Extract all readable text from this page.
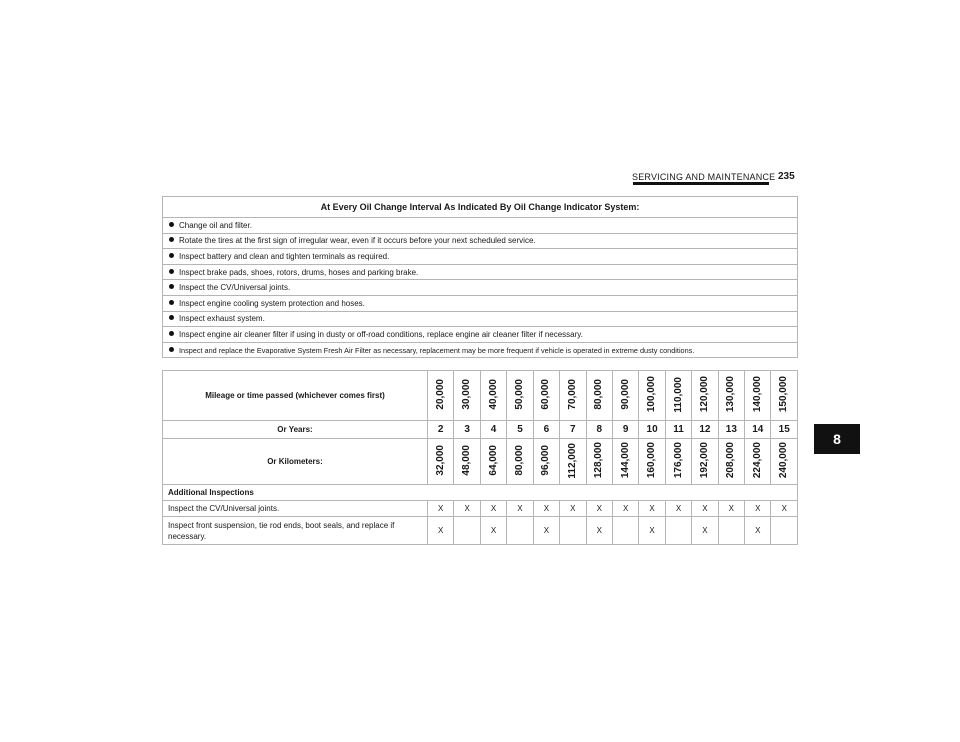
SERVICING AND MAINTENANCE 235
8
At Every Oil Change Interval As Indicated By Oil Change Indicator System:
Change oil and filter.
Rotate the tires at the first sign of irregular wear, even if it occurs before your next scheduled service.
Inspect battery and clean and tighten terminals as required.
Inspect brake pads, shoes, rotors, drums, hoses and parking brake.
Inspect the CV/Universal joints.
Inspect engine cooling system protection and hoses.
Inspect exhaust system.
Inspect engine air cleaner filter if using in dusty or off-road conditions, replace engine air cleaner filter if necessary.
Inspect and replace the Evaporative System Fresh Air Filter as necessary, replacement may be more frequent if vehicle is operated in extreme dusty conditions.
Mileage or time passed (whichever comes first)	20,000	30,000	40,000	50,000	60,000	70,000	80,000	90,000	100,000	110,000	120,000	130,000	140,000	150,000
Or Years:	2	3	4	5	6	7	8	9	10	11	12	13	14	15
Or Kilometers:	32,000	48,000	64,000	80,000	96,000	112,000	128,000	144,000	160,000	176,000	192,000	208,000	224,000	240,000
Additional Inspections														
Inspect the CV/Universal joints.	X	X	X	X	X	X	X	X	X	X	X	X	X	X
Inspect front suspension, tie rod ends, boot seals, and replace if necessary.	X		X		X		X		X		X		X	
